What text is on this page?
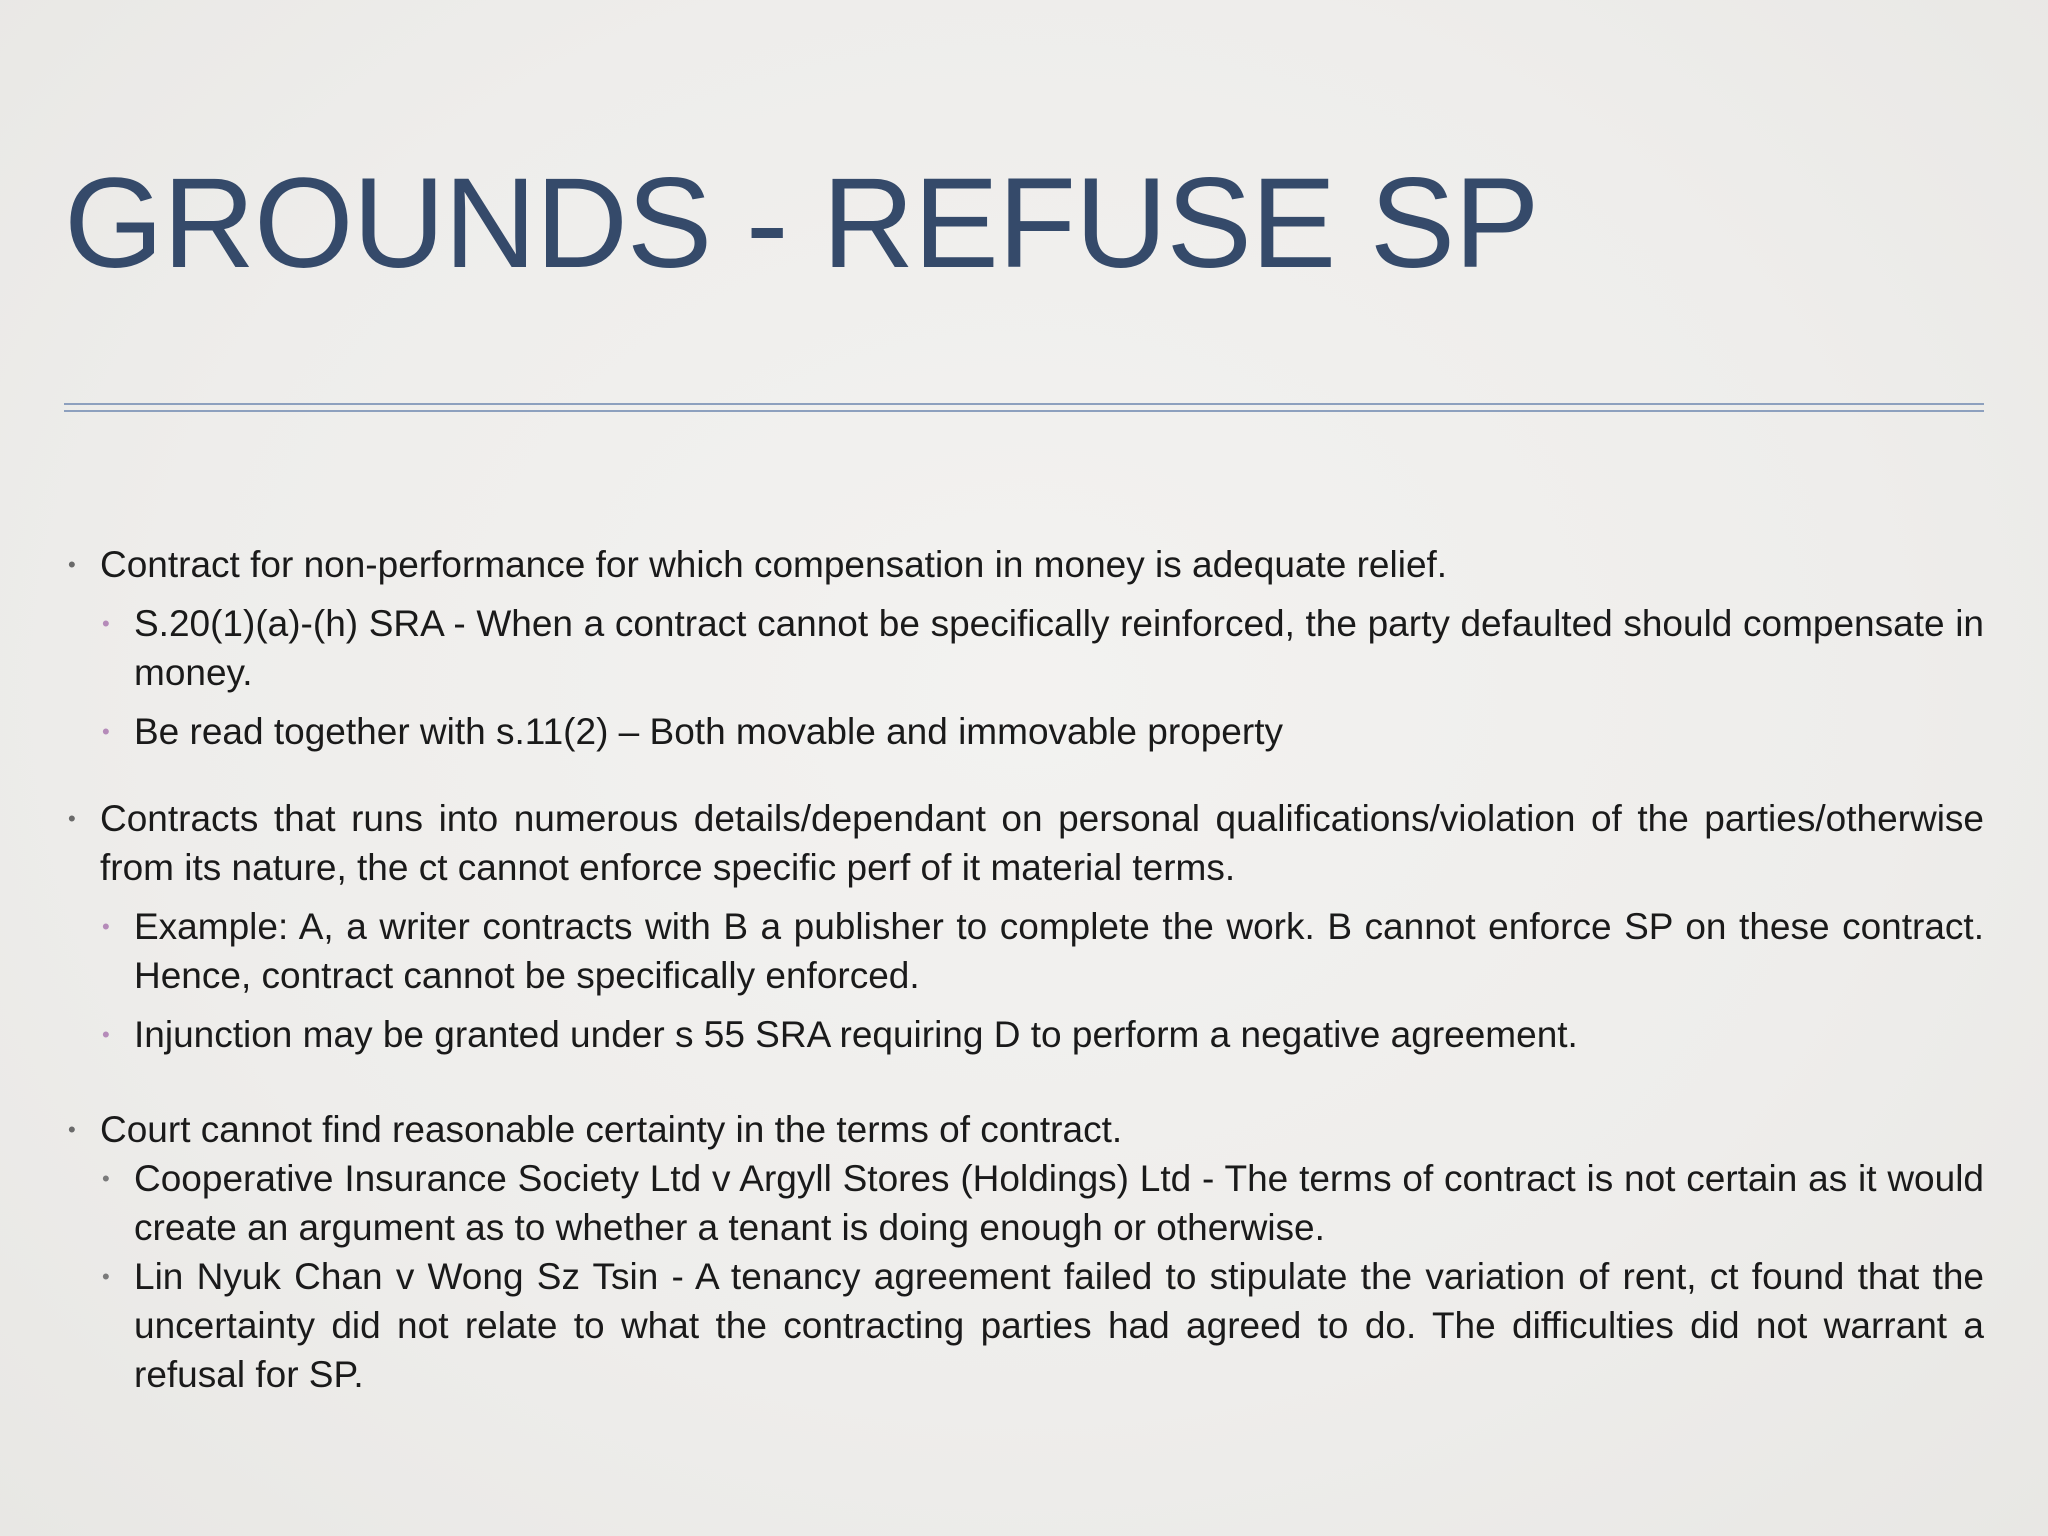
GROUNDS - REFUSE SP
• Contract for non-performance for which compensation in money is adequate relief.
• S.20(1)(a)-(h) SRA - When a contract cannot be specifically reinforced, the party defaulted should compensate in money.
• Be read together with s.11(2) – Both movable and immovable property
• Contracts that runs into numerous details/dependant on personal qualifications/violation of the parties/otherwise from its nature, the ct cannot enforce specific perf of it material terms.
• Example: A, a writer contracts with B a publisher to complete the work. B cannot enforce SP on these contract. Hence, contract cannot be specifically enforced.
• Injunction may be granted under s 55 SRA requiring D to perform a negative agreement.
• Court cannot find reasonable certainty in the terms of contract.
• Cooperative Insurance Society Ltd v Argyll Stores (Holdings) Ltd - The terms of contract is not certain as it would create an argument as to whether a tenant is doing enough or otherwise.
• Lin Nyuk Chan v Wong Sz Tsin - A tenancy agreement failed to stipulate the variation of rent, ct found that the uncertainty did not relate to what the contracting parties had agreed to do. The difficulties did not warrant a refusal for SP.
